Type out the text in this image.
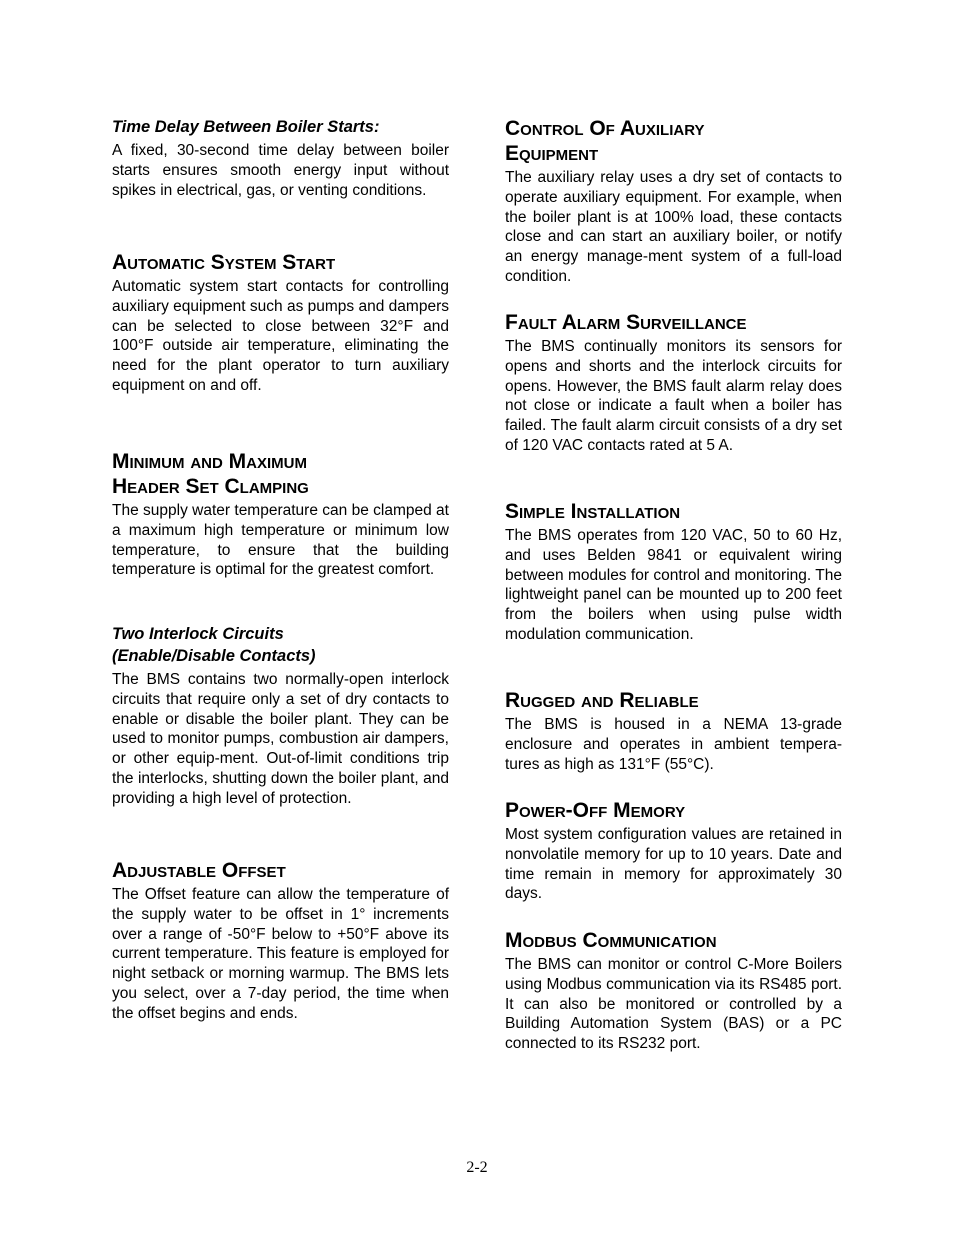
Time Delay Between Boiler Starts:

A fixed, 30-second time delay between boiler starts ensures smooth energy input without spikes in electrical, gas, or venting conditions.

Automatic System Start

Automatic system start contacts for controlling auxiliary equipment such as pumps and dampers can be selected to close between 32°F and 100°F outside air temperature, eliminating the need for the plant operator to turn auxiliary equipment on and off.

Minimum and Maximum
Header Set Clamping

The supply water temperature can be clamped at a maximum high temperature or minimum low temperature, to ensure that the building temperature is optimal for the greatest comfort.

Two Interlock Circuits
(Enable/Disable Contacts)

The BMS contains two normally-open interlock circuits that require only a set of dry contacts to enable or disable the boiler plant. They can be used to monitor pumps, combustion air dampers, or other equip-ment. Out-of-limit conditions trip the interlocks, shutting down the boiler plant, and providing a high level of protection.

Adjustable Offset

The Offset feature can allow the temperature of the supply water to be offset in 1° increments over a range of -50°F below to +50°F above its current temperature. This feature is employed for night setback or morning warmup. The BMS lets you select, over a 7-day period, the time when the offset begins and ends.

Control Of Auxiliary
Equipment

The auxiliary relay uses a dry set of contacts to operate auxiliary equipment. For example, when the boiler plant is at 100% load, these contacts close and can start an auxiliary boiler, or notify an energy manage-ment system of a full-load condition.

Fault Alarm Surveillance

The BMS continually monitors its sensors for opens and shorts and the interlock circuits for opens. However, the BMS fault alarm relay does not close or indicate a fault when a boiler has failed. The fault alarm circuit consists of a dry set of 120 VAC contacts rated at 5 A.

Simple Installation

The BMS operates from 120 VAC, 50 to 60 Hz, and uses Belden 9841 or equivalent wiring between modules for control and monitoring. The lightweight panel can be mounted up to 200 feet from the boilers when using pulse width modulation communication.

Rugged and Reliable

The BMS is housed in a NEMA 13-grade enclosure and operates in ambient tempera-tures as high as 131°F (55°C).

Power-Off Memory

Most system configuration values are retained in nonvolatile memory for up to 10 years. Date and time remain in memory for approximately 30 days.

Modbus Communication

The BMS can monitor or control C-More Boilers using Modbus communication via its RS485 port. It can also be monitored or controlled by a Building Automation System (BAS) or a PC connected to its RS232 port.

2-2
